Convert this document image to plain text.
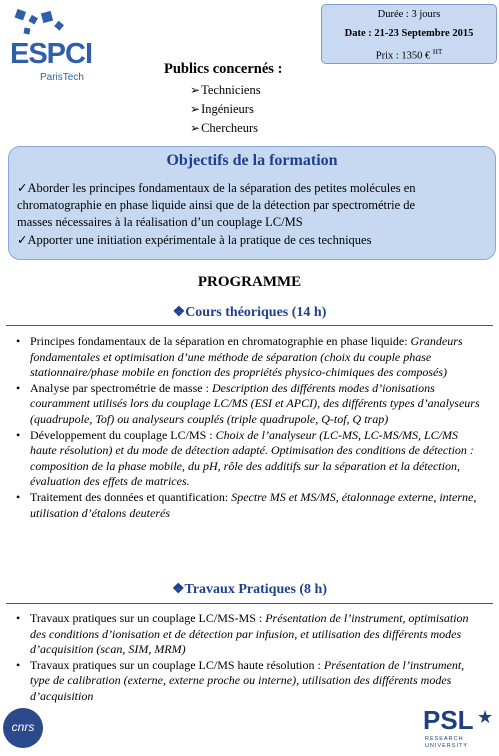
ESPCI
ParisTech
Durée : 3 jours
Date : 21-23 Septembre 2015
Prix : 1350 € $^{HT}$
Publics concernés :
➢Techniciens
➢Ingénieurs
➢Chercheurs
Objectifs de la formation
✓Aborder les principes fondamentaux de la séparation des petites molécules en
chromatographie en phase liquide ainsi que de la détection par spectrométrie de
masses nécessaires à la réalisation d’un couplage LC/MS
✓Apporter une initiation expérimentale à la pratique de ces techniques
PROGRAMME
❖Cours théoriques (14 h)

• Principes fondamentaux de la séparation en chromatographie en phase liquide: Grandeurs fondamentales et optimisation d’une méthode de séparation (choix du couple phase stationnaire/phase mobile en fonction des propriétés physico-chimiques des composés)

• Analyse par spectrométrie de masse : Description des différents modes d’ionisations couramment utilisés lors du couplage LC/MS (ESI et APCI), des différents types d’analyseurs (quadrupole, Tof) ou analyseurs couplés (triple quadrupole, Q-tof, Q trap)

• Développement du couplage LC/MS : Choix de l’analyseur (LC-MS, LC-MS/MS, LC/MS haute résolution) et du mode de détection adapté. Optimisation des conditions de détection : composition de la phase mobile, du pH, rôle des additifs sur la séparation et la détection, évaluation des effets de matrices.

• Traitement des données et quantification: Spectre MS et MS/MS, étalonnage externe, interne, utilisation d’étalons deuterés

❖Travaux Pratiques (8 h)

• Travaux pratiques sur un couplage LC/MS-MS : Présentation de l’instrument, optimisation des conditions d’ionisation et de détection par infusion, et utilisation des différents modes d’acquisition (scan, SIM, MRM)

• Travaux pratiques sur un couplage LC/MS haute résolution : Présentation de l’instrument, type de calibration (externe, externe proche ou interne), utilisation des différents modes d’acquisition

cnrs	PSL ★
RESEARCH
UNIVERSITY
